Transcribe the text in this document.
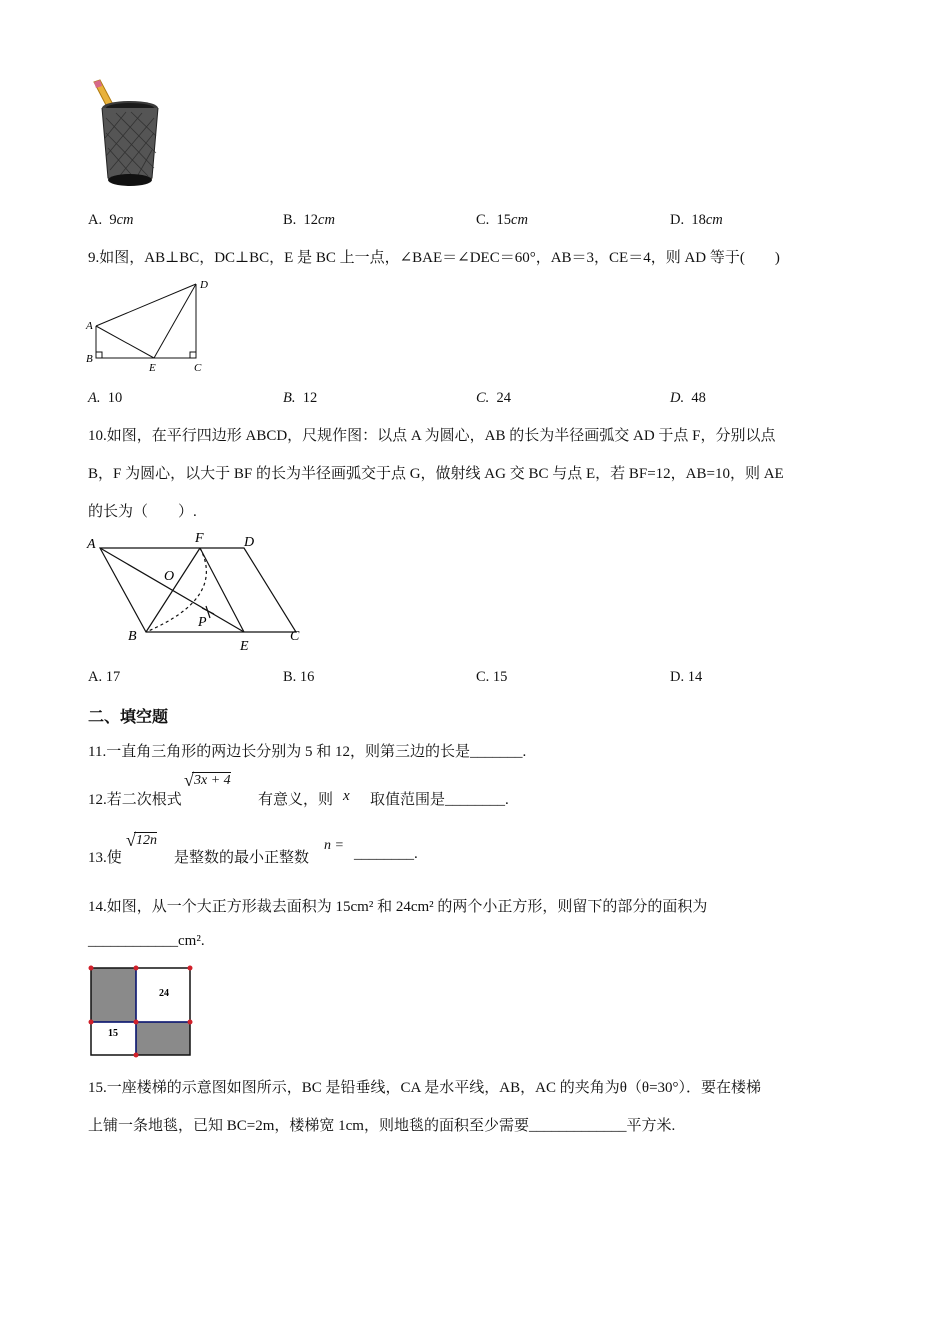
A. 9cm	B. 12cm	C. 15cm	D. 18cm
9.如图，AB⊥BC，DC⊥BC，E 是 BC 上一点，∠BAE＝∠DEC＝60°，AB＝3，CE＝4，则 AD 等于(　　)
A
B
C
D
E
A. 10	B. 12	C. 24	D. 48
10.如图，在平行四边形 ABCD，尺规作图：以点 A 为圆心，AB 的长为半径画弧交 AD 于点 F，分别以点
B，F 为圆心，以大于 BF 的长为半径画弧交于点 G，做射线 AG 交 BC 与点 E，若 BF=12，AB=10，则 AE
的长为（　　）.
A
B	C
D
E
F
O
P
A. 17	B. 16	C. 15	D. 14
二、填空题
11.一直角三角形的两边长分别为 5 和 12，则第三边的长是_______.
12.若二次根式
3x + 4
√
有意义，则 x 取值范围是________.
13.使
√ 12n
是整数的最小正整数
n =
________.
14.如图，从一个大正方形裁去面积为 15cm² 和 24cm² 的两个小正方形，则留下的部分的面积为
____________cm².
24
15
15.一座楼梯的示意图如图所示，BC 是铅垂线，CA 是水平线，AB，AC 的夹角为θ（θ=30°）．要在楼梯
上铺一条地毯，已知 BC=2m，楼梯宽 1cm，则地毯的面积至少需要_____________平方米.
